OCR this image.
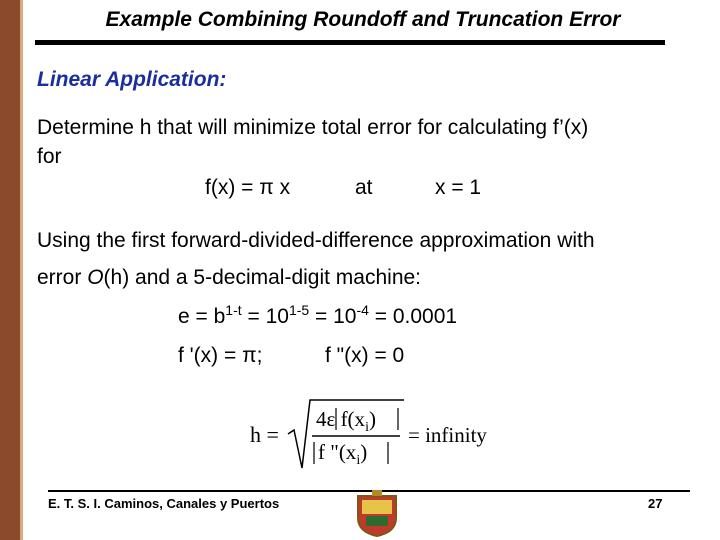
Example Combining Roundoff and Truncation Error
Linear Application:
Determine h that will minimize total error for calculating f’(x)
for
f(x) = π x	at	x = 1
Using the first forward-divided-difference approximation with
error O(h) and a 5-decimal-digit machine:
$e = b^{1-t} = 10^{1-5} = 10^{-4} = 0.0001$
f '(x) = π;	f "(x) = 0
h =
4ε $f(x_i)$
f "$(x_i)$
= infinity
E. T. S. I. Caminos, Canales y Puertos	27
